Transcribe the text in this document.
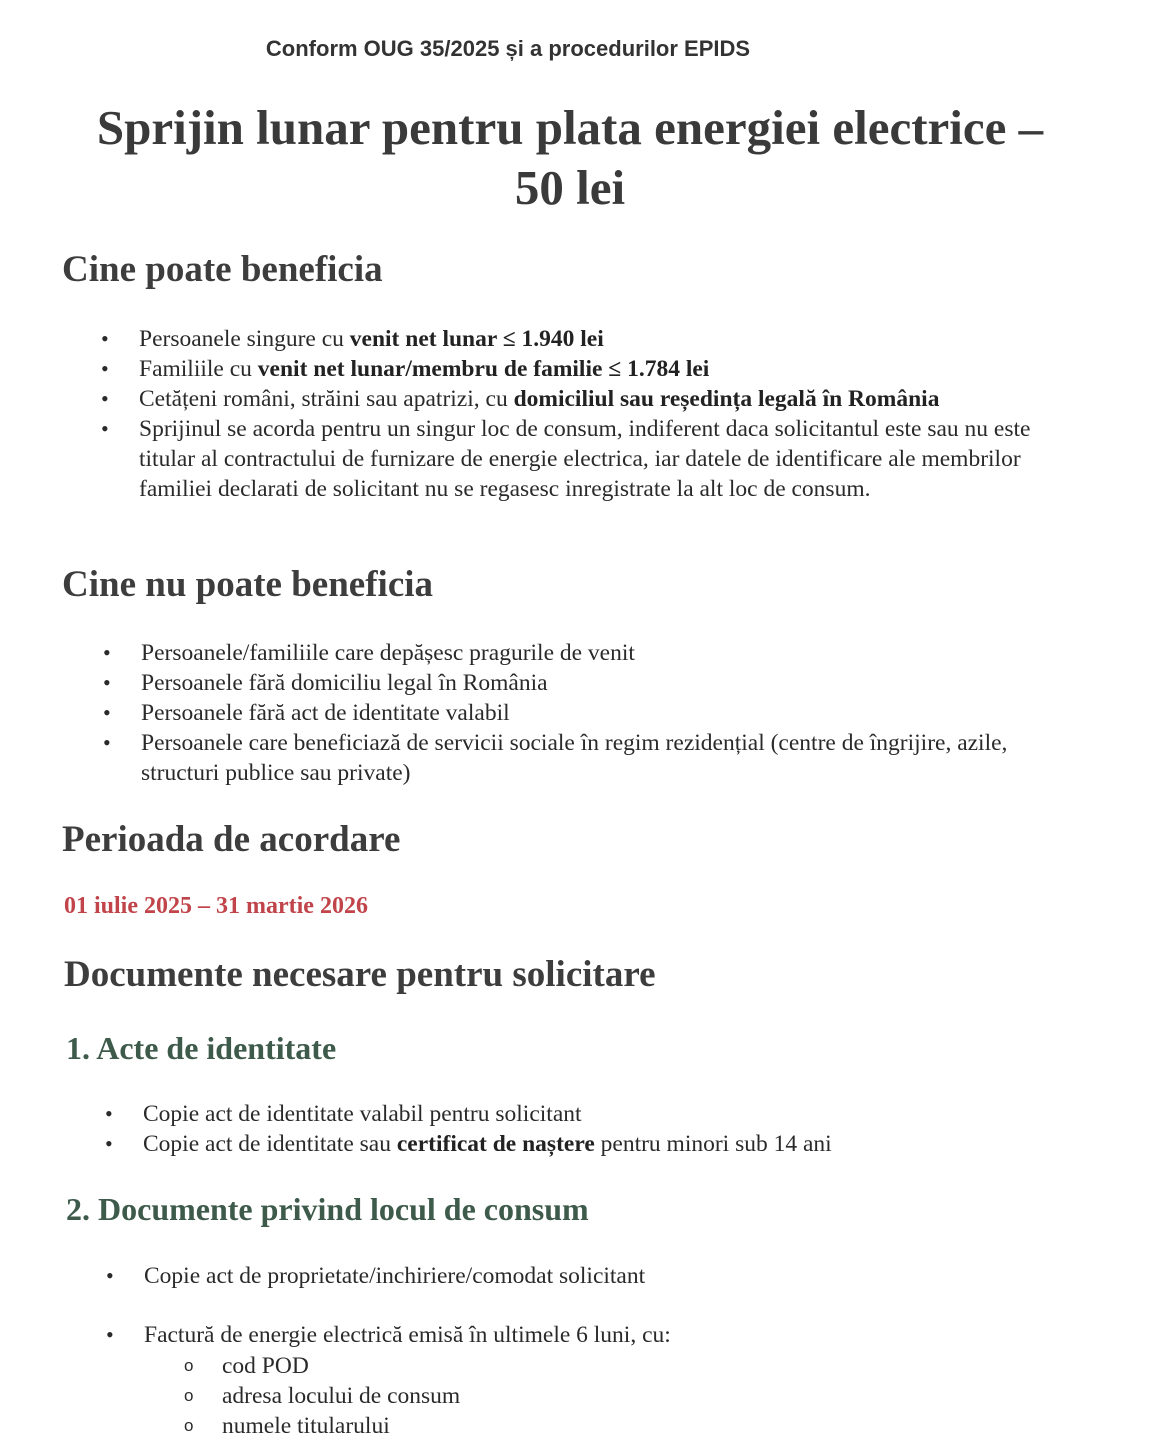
Conform OUG 35/2025 și a procedurilor EPIDS
Sprijin lunar pentru plata energiei electrice –
50 lei
Cine poate beneficia
• Persoanele singure cu venit net lunar ≤ 1.940 lei
• Familiile cu venit net lunar/membru de familie ≤ 1.784 lei
• Cetățeni români, străini sau apatrizi, cu domiciliul sau reședința legală în România
• Sprijinul se acorda pentru un singur loc de consum, indiferent daca solicitantul este sau nu este titular al contractului de furnizare de energie electrica, iar datele de identificare ale membrilor familiei declarati de solicitant nu se regasesc inregistrate la alt loc de consum.
Cine nu poate beneficia
• Persoanele/familiile care depășesc pragurile de venit
• Persoanele fără domiciliu legal în România
• Persoanele fără act de identitate valabil
• Persoanele care beneficiază de servicii sociale în regim rezidențial (centre de îngrijire, azile, structuri publice sau private)
Perioada de acordare
01 iulie 2025 – 31 martie 2026
Documente necesare pentru solicitare
1. Acte de identitate
• Copie act de identitate valabil pentru solicitant
• Copie act de identitate sau certificat de naștere pentru minori sub 14 ani
2. Documente privind locul de consum
• Copie act de proprietate/inchiriere/comodat solicitant
• Factură de energie electrică emisă în ultimele 6 luni, cu:
o cod POD
o adresa locului de consum
o numele titularului
